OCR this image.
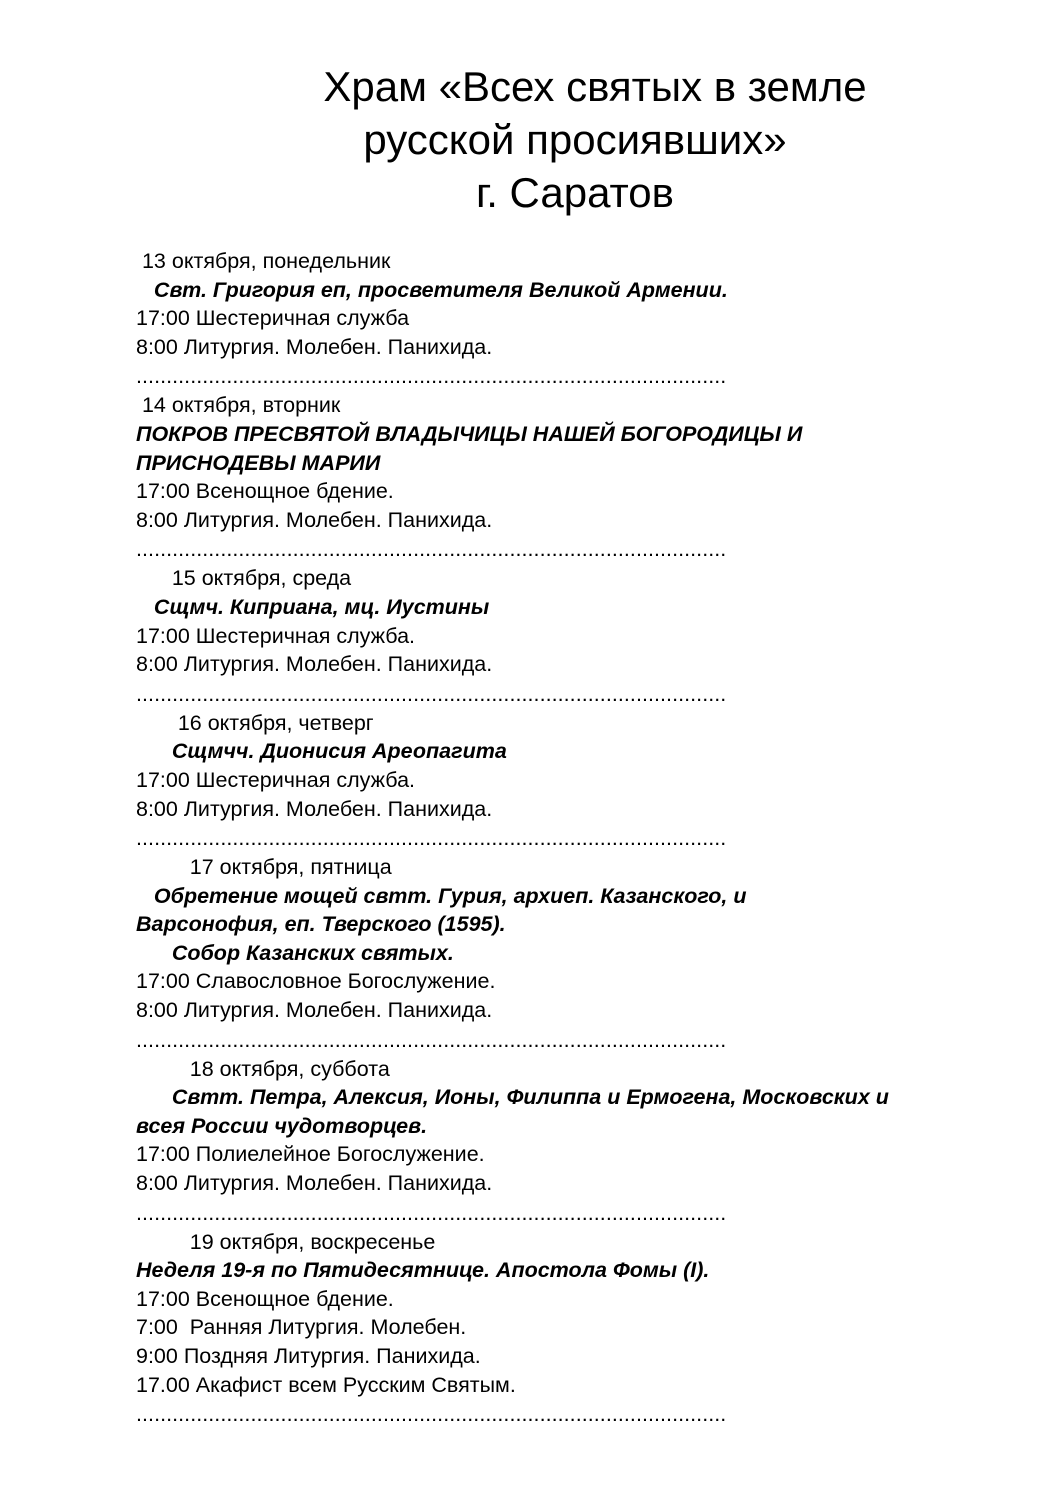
Храм «Всех святых в земле
русской просиявших»
г. Саратов
13 октября, понедельник
Свт. Григория еп, просветителя Великой Армении.
17:00 Шестеричная служба
8:00 Литургия. Молебен. Панихида.
..................................................................................................
14 октября, вторник
ПОКРОВ ПРЕСВЯТОЙ ВЛАДЫЧИЦЫ НАШЕЙ БОГОРОДИЦЫ И
ПРИСНОДЕВЫ МАРИИ
17:00 Всенощное бдение.
8:00 Литургия. Молебен. Панихида.
..................................................................................................
15 октября, среда
Сщмч. Киприана, мц. Иустины
17:00 Шестеричная служба.
8:00 Литургия. Молебен. Панихида.
..................................................................................................
16 октября, четверг
Сщмчч. Дионисия Ареопагита
17:00 Шестеричная служба.
8:00 Литургия. Молебен. Панихида.
..................................................................................................
17 октября, пятница
Обретение мощей свтт. Гурия, архиеп. Казанского, и
Варсонофия, еп. Тверского (1595).
Собор Казанских святых.
17:00 Славословное Богослужение.
8:00 Литургия. Молебен. Панихида.
..................................................................................................
18 октября, суббота
Свтт. Петра, Алексия, Ионы, Филиппа и Ермогена, Московских и
всея России чудотворцев.
17:00 Полиелейное Богослужение.
8:00 Литургия. Молебен. Панихида.
..................................................................................................
19 октября, воскресенье
Неделя 19-я по Пятидесятнице. Апостола Фомы (I).
17:00 Всенощное бдение.
7:00  Ранняя Литургия. Молебен.
9:00 Поздняя Литургия. Панихида.
17.00 Акафист всем Русским Святым.
..................................................................................................
